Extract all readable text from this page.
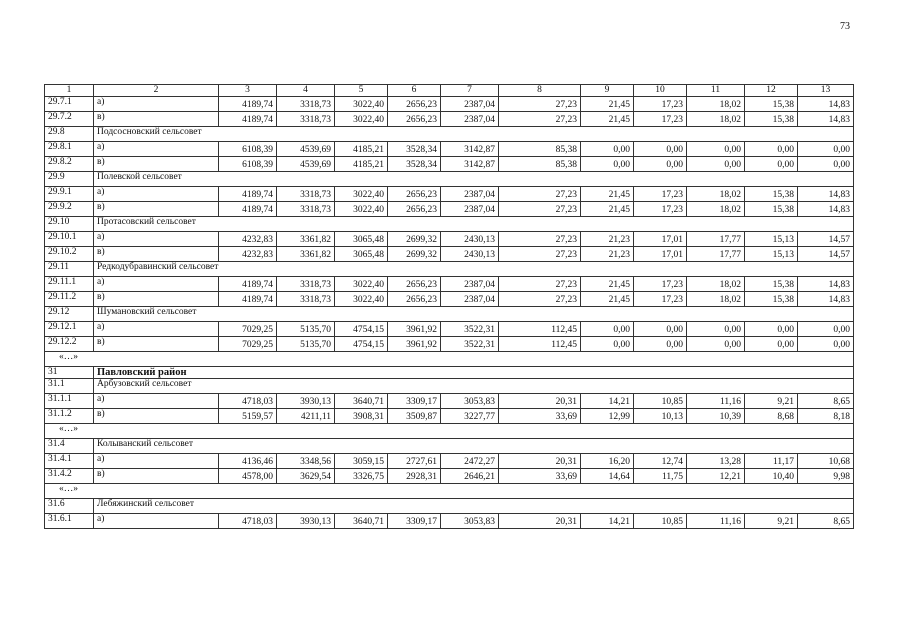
73
1	2	3	4	5	6	7	8	9	10	11	12	13
29.7.1	а)	4189,74	3318,73	3022,40	2656,23	2387,04	27,23	21,45	17,23	18,02	15,38	14,83
29.7.2	в)	4189,74	3318,73	3022,40	2656,23	2387,04	27,23	21,45	17,23	18,02	15,38	14,83
29.8	Подсосновский сельсовет											
29.8.1	а)	6108,39	4539,69	4185,21	3528,34	3142,87	85,38	0,00	0,00	0,00	0,00	0,00
29.8.2	в)	6108,39	4539,69	4185,21	3528,34	3142,87	85,38	0,00	0,00	0,00	0,00	0,00
29.9	Полевской сельсовет											
29.9.1	а)	4189,74	3318,73	3022,40	2656,23	2387,04	27,23	21,45	17,23	18,02	15,38	14,83
29.9.2	в)	4189,74	3318,73	3022,40	2656,23	2387,04	27,23	21,45	17,23	18,02	15,38	14,83
29.10	Протасовский сельсовет											
29.10.1	а)	4232,83	3361,82	3065,48	2699,32	2430,13	27,23	21,23	17,01	17,77	15,13	14,57
29.10.2	в)	4232,83	3361,82	3065,48	2699,32	2430,13	27,23	21,23	17,01	17,77	15,13	14,57
29.11	Редкодубравинский сельсовет											
29.11.1	а)	4189,74	3318,73	3022,40	2656,23	2387,04	27,23	21,45	17,23	18,02	15,38	14,83
29.11.2	в)	4189,74	3318,73	3022,40	2656,23	2387,04	27,23	21,45	17,23	18,02	15,38	14,83
29.12	Шумановский сельсовет											
29.12.1	а)	7029,25	5135,70	4754,15	3961,92	3522,31	112,45	0,00	0,00	0,00	0,00	0,00
29.12.2	в)	7029,25	5135,70	4754,15	3961,92	3522,31	112,45	0,00	0,00	0,00	0,00	0,00
«…»												
31	Павловский район											
31.1	Арбузовский сельсовет											
31.1.1	а)	4718,03	3930,13	3640,71	3309,17	3053,83	20,31	14,21	10,85	11,16	9,21	8,65
31.1.2	в)	5159,57	4211,11	3908,31	3509,87	3227,77	33,69	12,99	10,13	10,39	8,68	8,18
«…»												
31.4	Колыванский сельсовет											
31.4.1	а)	4136,46	3348,56	3059,15	2727,61	2472,27	20,31	16,20	12,74	13,28	11,17	10,68
31.4.2	в)	4578,00	3629,54	3326,75	2928,31	2646,21	33,69	14,64	11,75	12,21	10,40	9,98
«…»												
31.6	Лебяжинский сельсовет											
31.6.1	а)	4718,03	3930,13	3640,71	3309,17	3053,83	20,31	14,21	10,85	11,16	9,21	8,65
